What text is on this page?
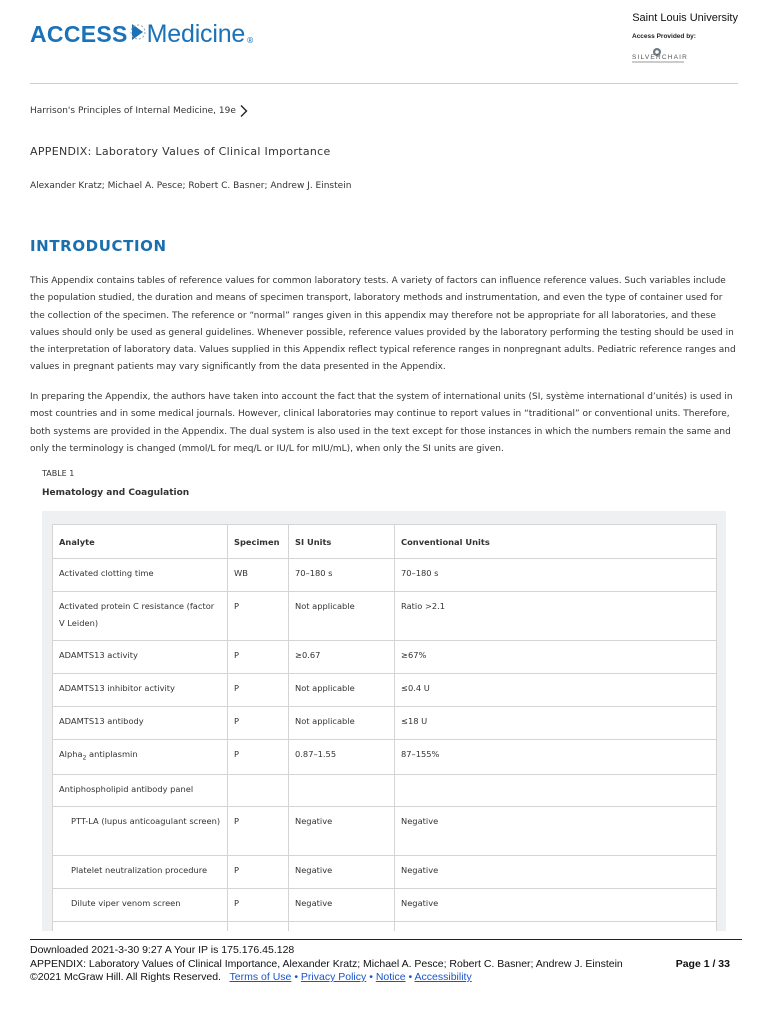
ACCESS Medicine ®
Saint Louis University
Access Provided by:
SILVERCHAIR
Harrison's Principles of Internal Medicine, 19e
APPENDIX: Laboratory Values of Clinical Importance
Alexander Kratz; Michael A. Pesce; Robert C. Basner; Andrew J. Einstein
INTRODUCTION

This Appendix contains tables of reference values for common laboratory tests. A variety of factors can influence reference values. Such variables include the population studied, the duration and means of specimen transport, laboratory methods and instrumentation, and even the type of container used for the collection of the specimen. The reference or “normal” ranges given in this appendix may therefore not be appropriate for all laboratories, and these values should only be used as general guidelines. Whenever possible, reference values provided by the laboratory performing the testing should be used in the interpretation of laboratory data. Values supplied in this Appendix reflect typical reference ranges in nonpregnant adults. Pediatric reference ranges and values in pregnant patients may vary significantly from the data presented in the Appendix.

In preparing the Appendix, the authors have taken into account the fact that the system of international units (SI, système international d’unités) is used in most countries and in some medical journals. However, clinical laboratories may continue to report values in “traditional” or conventional units. Therefore, both systems are provided in the Appendix. The dual system is also used in the text except for those instances in which the numbers remain the same and only the terminology is changed (mmol/L for meq/L or IU/L for mIU/mL), when only the SI units are given.

TABLE 1
Hematology and Coagulation
Analyte	Specimen	SI Units	Conventional Units
Activated clotting time	WB	70–180 s	70–180 s
Activated protein C resistance (factor V Leiden)	P	Not applicable	Ratio >2.1
ADAMTS13 activity	P	≥0.67	≥67%
ADAMTS13 inhibitor activity	P	Not applicable	≤0.4 U
ADAMTS13 antibody	P	Not applicable	≤18 U
Alpha$_2$ antiplasmin	P	0.87–1.55	87–155%
Antiphospholipid antibody panel			
PTT-LA (lupus anticoagulant screen)	P	Negative	Negative
Platelet neutralization procedure	P	Negative	Negative
Dilute viper venom screen	P	Negative	Negative

Downloaded 2021-3-30 9:27 A Your IP is 175.176.45.128
APPENDIX: Laboratory Values of Clinical Importance, Alexander Kratz; Michael A. Pesce; Robert C. Basner; Andrew J. Einstein
©2021 McGraw Hill. All Rights Reserved. Terms of Use • Privacy Policy • Notice • Accessibility
Page 1 / 33
